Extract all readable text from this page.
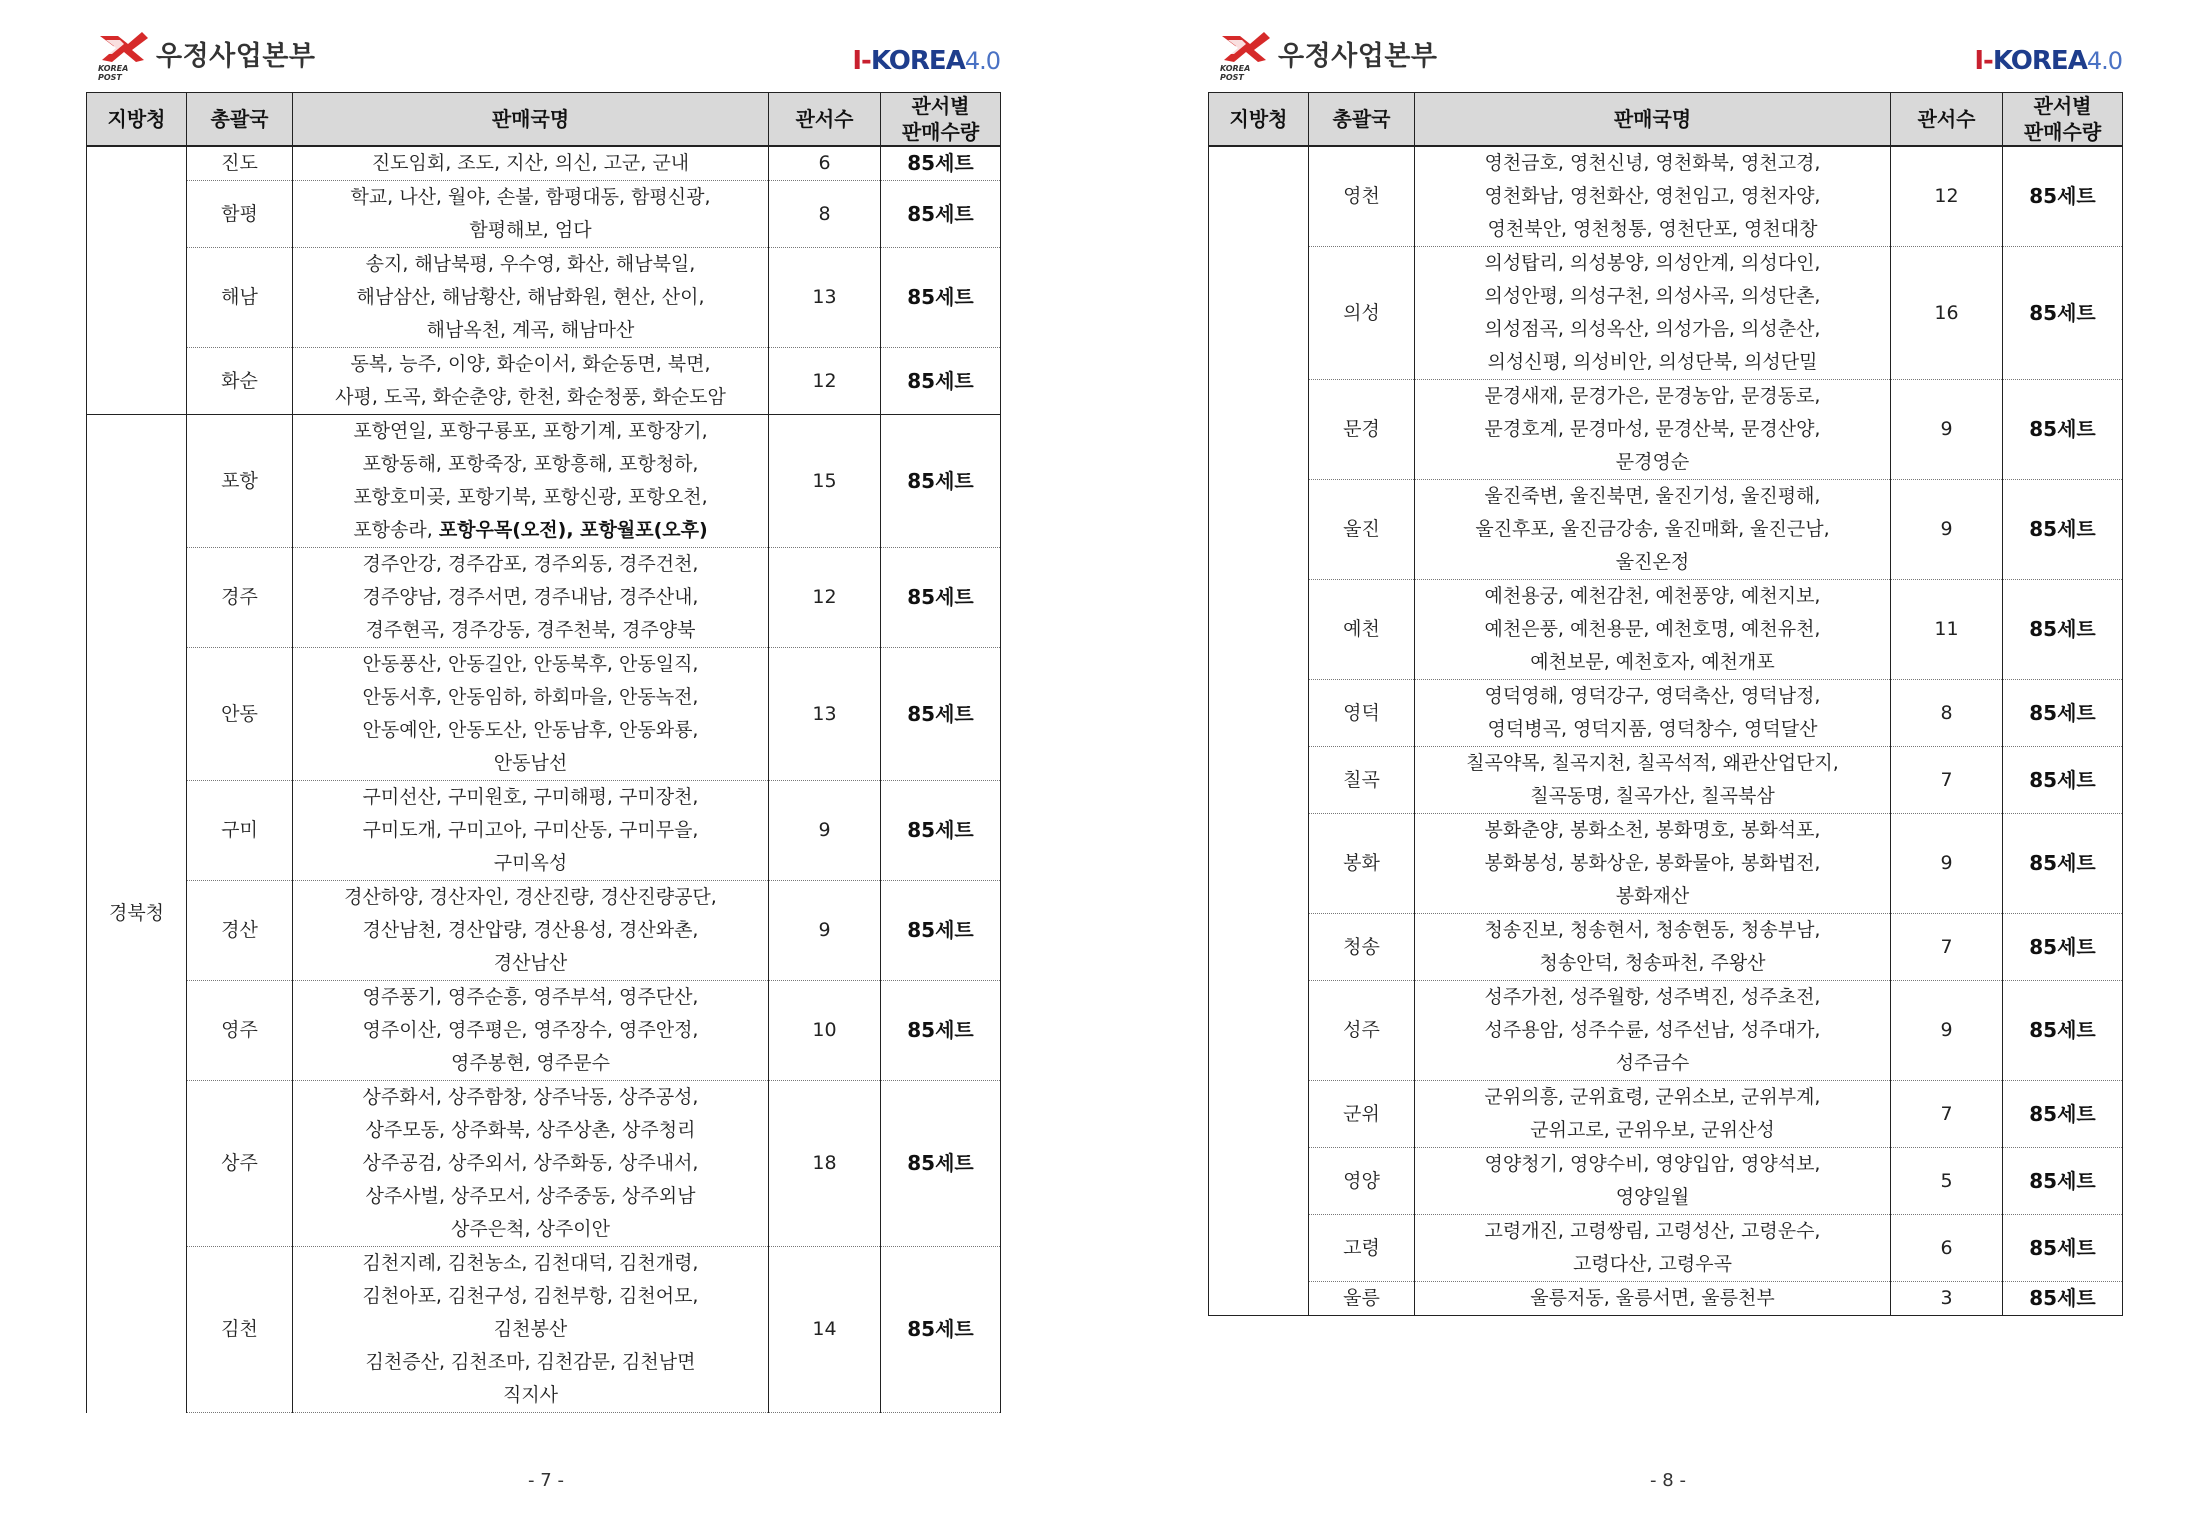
KOREA POST
우정사업본부	I-KOREA4.0
지방청	총괄국	판매국명	관서수	관서별
판매수량
	진도	진도임회, 조도, 지산, 의신, 고군, 군내	6	85세트
	함평	학교, 나산, 월야, 손불, 함평대동, 함평신광,
함평해보, 엄다	8	85세트
	해남	송지, 해남북평, 우수영, 화산, 해남북일,
해남삼산, 해남황산, 해남화원, 현산, 산이,
해남옥천, 계곡, 해남마산	13	85세트
	화순	동복, 능주, 이양, 화순이서, 화순동면, 북면,
사평, 도곡, 화순춘양, 한천, 화순청풍, 화순도암	12	85세트
경북청	포항	포항연일, 포항구룡포, 포항기계, 포항장기,
포항동해, 포항죽장, 포항흥해, 포항청하,
포항호미곶, 포항기북, 포항신광, 포항오천,
포항송라, 포항우목(오전), 포항월포(오후)	15	85세트
	경주	경주안강, 경주감포, 경주외동, 경주건천,
경주양남, 경주서면, 경주내남, 경주산내,
경주현곡, 경주강동, 경주천북, 경주양북	12	85세트
	안동	안동풍산, 안동길안, 안동북후, 안동일직,
안동서후, 안동임하, 하회마을, 안동녹전,
안동예안, 안동도산, 안동남후, 안동와룡,
안동남선	13	85세트
	구미	구미선산, 구미원호, 구미해평, 구미장천,
구미도개, 구미고아, 구미산동, 구미무을,
구미옥성	9	85세트
	경산	경산하양, 경산자인, 경산진량, 경산진량공단,
경산남천, 경산압량, 경산용성, 경산와촌,
경산남산	9	85세트
	영주	영주풍기, 영주순흥, 영주부석, 영주단산,
영주이산, 영주평은, 영주장수, 영주안정,
영주봉현, 영주문수	10	85세트
	상주	상주화서, 상주함창, 상주낙동, 상주공성,
상주모동, 상주화북, 상주상촌, 상주청리
상주공검, 상주외서, 상주화동, 상주내서,
상주사벌, 상주모서, 상주중동, 상주외남
상주은척, 상주이안	18	85세트
	김천	김천지례, 김천농소, 김천대덕, 김천개령,
김천아포, 김천구성, 김천부항, 김천어모,
김천봉산
김천증산, 김천조마, 김천감문, 김천남면
직지사	14	85세트
- 7 -
KOREA POST
우정사업본부	I-KOREA4.0
지방청	총괄국	판매국명	관서수	관서별
판매수량
	영천	영천금호, 영천신녕, 영천화북, 영천고경,
영천화남, 영천화산, 영천임고, 영천자양,
영천북안, 영천청통, 영천단포, 영천대창	12	85세트
	의성	의성탑리, 의성봉양, 의성안계, 의성다인,
의성안평, 의성구천, 의성사곡, 의성단촌,
의성점곡, 의성옥산, 의성가음, 의성춘산,
의성신평, 의성비안, 의성단북, 의성단밀	16	85세트
	문경	문경새재, 문경가은, 문경농암, 문경동로,
문경호계, 문경마성, 문경산북, 문경산양,
문경영순	9	85세트
	울진	울진죽변, 울진북면, 울진기성, 울진평해,
울진후포, 울진금강송, 울진매화, 울진근남,
울진온정	9	85세트
	예천	예천용궁, 예천감천, 예천풍양, 예천지보,
예천은풍, 예천용문, 예천호명, 예천유천,
예천보문, 예천호자, 예천개포	11	85세트
	영덕	영덕영해, 영덕강구, 영덕축산, 영덕남정,
영덕병곡, 영덕지품, 영덕창수, 영덕달산	8	85세트
	칠곡	칠곡약목, 칠곡지천, 칠곡석적, 왜관산업단지,
칠곡동명, 칠곡가산, 칠곡북삼	7	85세트
	봉화	봉화춘양, 봉화소천, 봉화명호, 봉화석포,
봉화봉성, 봉화상운, 봉화물야, 봉화법전,
봉화재산	9	85세트
	청송	청송진보, 청송현서, 청송현동, 청송부남,
청송안덕, 청송파천, 주왕산	7	85세트
	성주	성주가천, 성주월항, 성주벽진, 성주초전,
성주용암, 성주수륜, 성주선남, 성주대가,
성주금수	9	85세트
	군위	군위의흥, 군위효령, 군위소보, 군위부계,
군위고로, 군위우보, 군위산성	7	85세트
	영양	영양청기, 영양수비, 영양입암, 영양석보,
영양일월	5	85세트
	고령	고령개진, 고령쌍림, 고령성산, 고령운수,
고령다산, 고령우곡	6	85세트
	울릉	울릉저동, 울릉서면, 울릉천부	3	85세트
- 8 -
